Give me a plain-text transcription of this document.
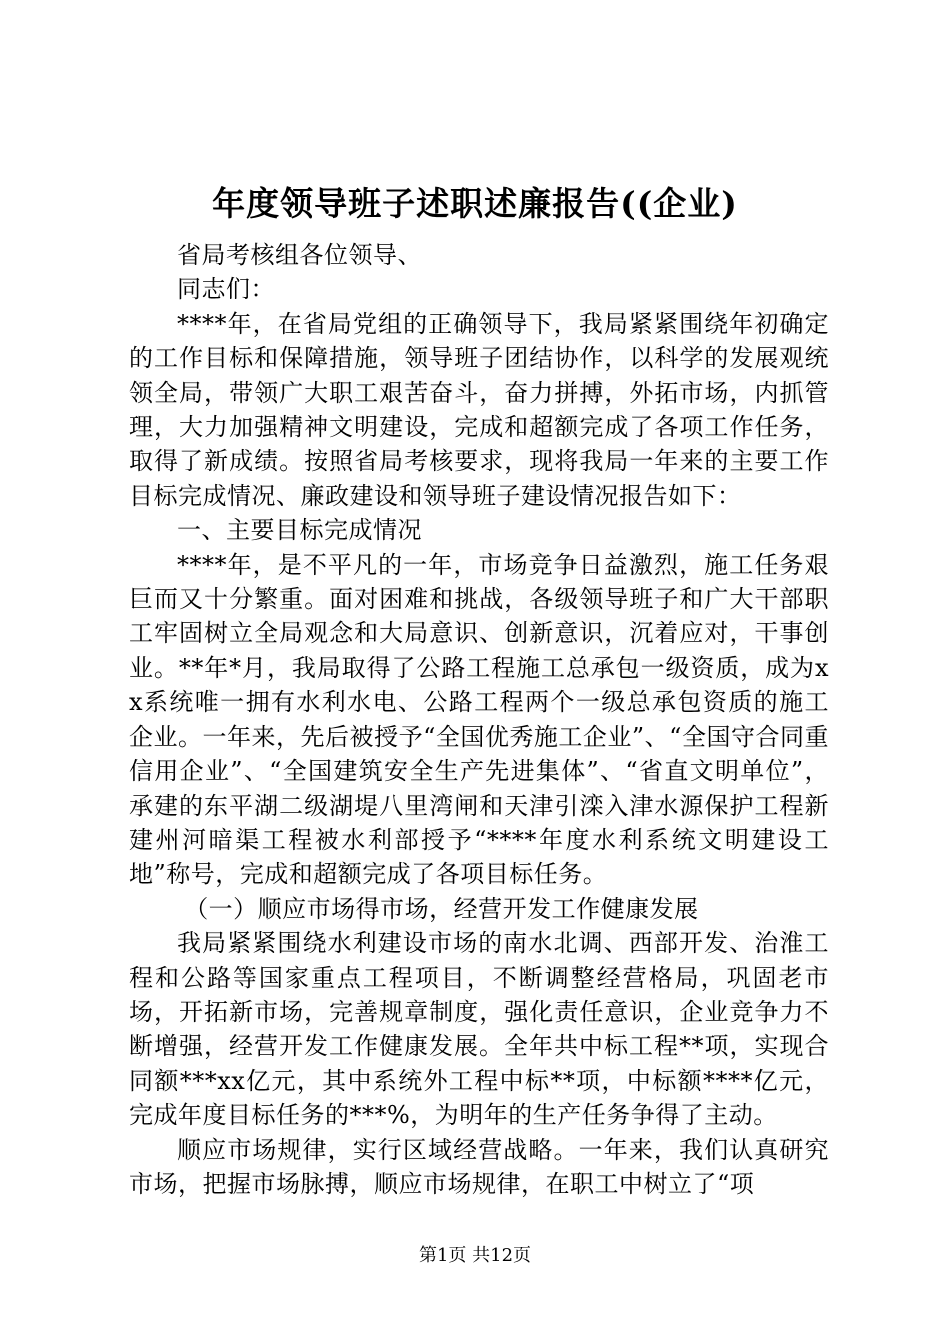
年度领导班子述职述廉报告((企业)

省局考核组各位领导、

同志们：

****年，在省局党组的正确领导下，我局紧紧围绕年初确定的工作目标和保障措施，领导班子团结协作，以科学的发展观统领全局，带领广大职工艰苦奋斗，奋力拼搏，外拓市场，内抓管理，大力加强精神文明建设，完成和超额完成了各项工作任务，取得了新成绩。按照省局考核要求，现将我局一年来的主要工作目标完成情况、廉政建设和领导班子建设情况报告如下：

一、主要目标完成情况

****年，是不平凡的一年，市场竞争日益激烈，施工任务艰巨而又十分繁重。面对困难和挑战，各级领导班子和广大干部职工牢固树立全局观念和大局意识、创新意识，沉着应对，干事创业。**年*月，我局取得了公路工程施工总承包一级资质，成为xx系统唯一拥有水利水电、公路工程两个一级总承包资质的施工企业。一年来，先后被授予“全国优秀施工企业”、“全国守合同重信用企业”、“全国建筑安全生产先进集体”、“省直文明单位”，承建的东平湖二级湖堤八里湾闸和天津引滦入津水源保护工程新建州河暗渠工程被水利部授予“****年度水利系统文明建设工地”称号，完成和超额完成了各项目标任务。

（一）顺应市场得市场，经营开发工作健康发展

我局紧紧围绕水利建设市场的南水北调、西部开发、治淮工程和公路等国家重点工程项目，不断调整经营格局，巩固老市场，开拓新市场，完善规章制度，强化责任意识，企业竞争力不断增强，经营开发工作健康发展。全年共中标工程**项，实现合同额***xx亿元，其中系统外工程中标**项，中标额****亿元，完成年度目标任务的***%，为明年的生产任务争得了主动。

顺应市场规律，实行区域经营战略。一年来，我们认真研究市场，把握市场脉搏，顺应市场规律，在职工中树立了“项

第1页 共12页
